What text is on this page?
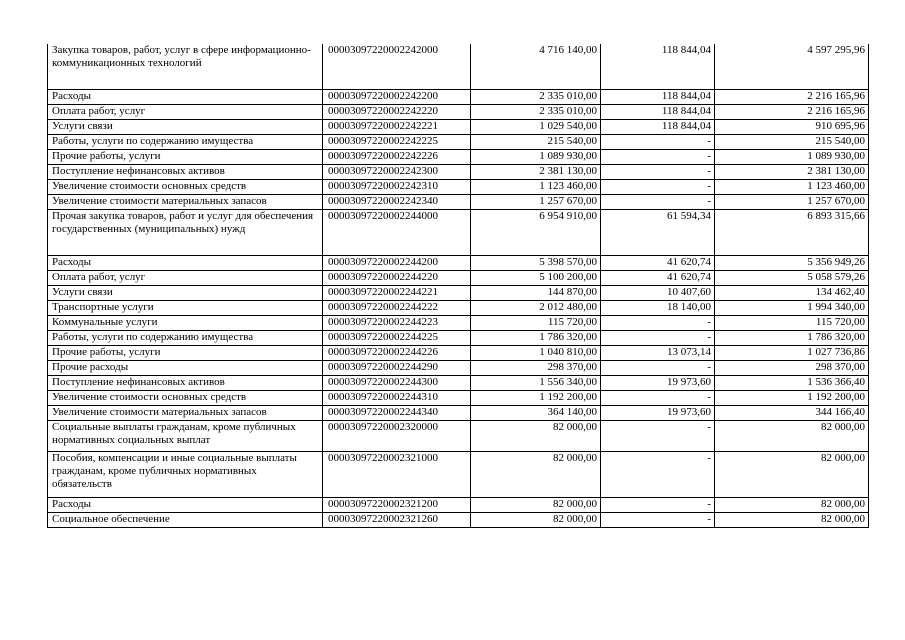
Закупка товаров, работ, услуг в сфере информационно-коммуникационных технологий	00003097220002242000	4 716 140,00	118 844,04	4 597 295,96
Расходы	00003097220002242200	2 335 010,00	118 844,04	2 216 165,96
Оплата работ, услуг	00003097220002242220	2 335 010,00	118 844,04	2 216 165,96
Услуги связи	00003097220002242221	1 029 540,00	118 844,04	910 695,96
Работы, услуги по содержанию имущества	00003097220002242225	215 540,00	-	215 540,00
Прочие работы, услуги	00003097220002242226	1 089 930,00	-	1 089 930,00
Поступление нефинансовых активов	00003097220002242300	2 381 130,00	-	2 381 130,00
Увеличение стоимости основных средств	00003097220002242310	1 123 460,00	-	1 123 460,00
Увеличение стоимости материальных запасов	00003097220002242340	1 257 670,00	-	1 257 670,00
Прочая закупка товаров, работ и услуг для обеспечения государственных (муниципальных) нужд	00003097220002244000	6 954 910,00	61 594,34	6 893 315,66
Расходы	00003097220002244200	5 398 570,00	41 620,74	5 356 949,26
Оплата работ, услуг	00003097220002244220	5 100 200,00	41 620,74	5 058 579,26
Услуги связи	00003097220002244221	144 870,00	10 407,60	134 462,40
Транспортные услуги	00003097220002244222	2 012 480,00	18 140,00	1 994 340,00
Коммунальные услуги	00003097220002244223	115 720,00	-	115 720,00
Работы, услуги по содержанию имущества	00003097220002244225	1 786 320,00	-	1 786 320,00
Прочие работы, услуги	00003097220002244226	1 040 810,00	13 073,14	1 027 736,86
Прочие расходы	00003097220002244290	298 370,00	-	298 370,00
Поступление нефинансовых активов	00003097220002244300	1 556 340,00	19 973,60	1 536 366,40
Увеличение стоимости основных средств	00003097220002244310	1 192 200,00	-	1 192 200,00
Увеличение стоимости материальных запасов	00003097220002244340	364 140,00	19 973,60	344 166,40
Социальные выплаты гражданам, кроме публичных нормативных социальных выплат	00003097220002320000	82 000,00	-	82 000,00
Пособия, компенсации и иные социальные выплаты гражданам, кроме публичных нормативных обязательств	00003097220002321000	82 000,00	-	82 000,00
Расходы	00003097220002321200	82 000,00	-	82 000,00
Социальное обеспечение	00003097220002321260	82 000,00	-	82 000,00
